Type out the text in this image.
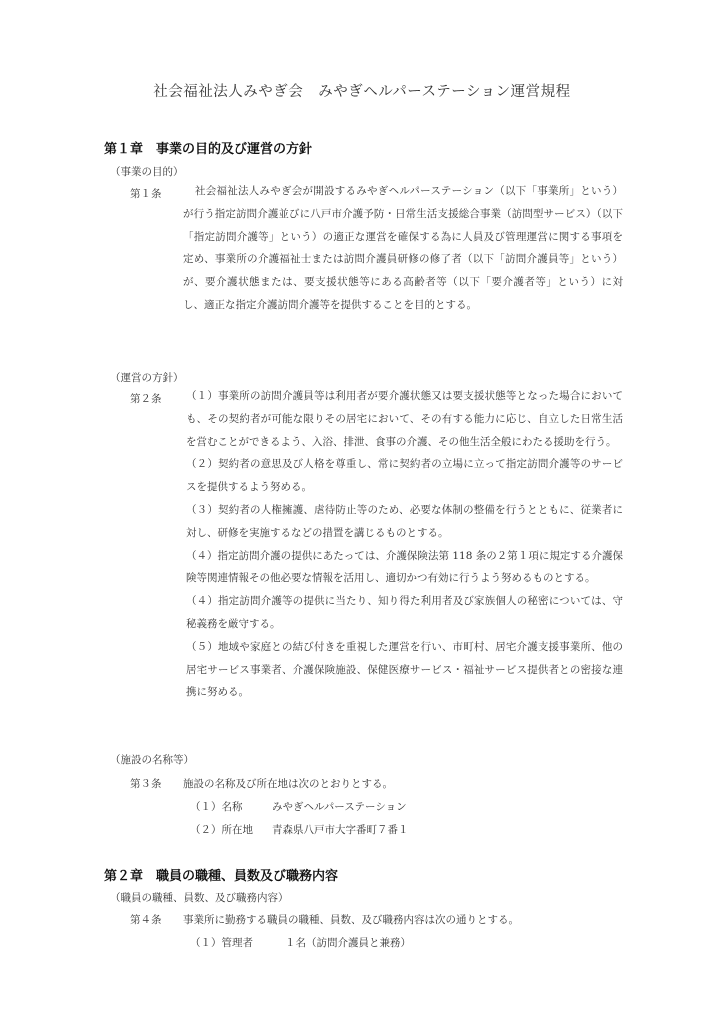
社会福祉法人みやぎ会　みやぎヘルパーステーション運営規程
第１章　事業の目的及び運営の方針
（事業の目的）
第１条	社会福祉法人みやぎ会が開設するみやぎヘルパーステーション（以下「事業所」という）が行う指定訪問介護並びに八戸市介護予防・日常生活支援総合事業（訪問型サービス）（以下「指定訪問介護等」という）の適正な運営を確保する為に人員及び管理運営に関する事項を定め、事業所の介護福祉士または訪問介護員研修の修了者（以下「訪問介護員等」という）が、要介護状態または、要支援状態等にある高齢者等（以下「要介護者等」という）に対し、適正な指定介護訪問介護等を提供することを目的とする。
（運営の方針）
第２条 （１）事業所の訪問介護員等は利用者が要介護状態又は要支援状態等となった場合においても、その契約者が可能な限りその居宅において、その有する能力に応じ、自立した日常生活を営むことができるよう、入浴、排泄、食事の介護、その他生活全般にわたる援助を行う。
（２）契約者の意思及び人格を尊重し、常に契約者の立場に立って指定訪問介護等のサービスを提供するよう努める。
（３）契約者の人権擁護、虐待防止等のため、必要な体制の整備を行うとともに、従業者に対し、研修を実施するなどの措置を講じるものとする。
（４）指定訪問介護の提供にあたっては、介護保険法第 118 条の２第１項に規定する介護保険等関連情報その他必要な情報を活用し、適切かつ有効に行うよう努めるものとする。
（４）指定訪問介護等の提供に当たり、知り得た利用者及び家族個人の秘密については、守秘義務を厳守する。
（５）地域や家庭との結び付きを重視した運営を行い、市町村、居宅介護支援事業所、他の居宅サービス事業者、介護保険施設、保健医療サービス・福祉サービス提供者との密接な連携に努める。
（施設の名称等）
第３条 施設の名称及び所在地は次のとおりとする。
（１）名称	みやぎヘルパーステーション
（２）所在地 青森県八戸市大字番町７番１
第２章　職員の職種、員数及び職務内容
（職員の職種、員数、及び職務内容）
第４条 事業所に勤務する職員の職種、員数、及び職務内容は次の通りとする。
（１）管理者	１名（訪問介護員と兼務）
